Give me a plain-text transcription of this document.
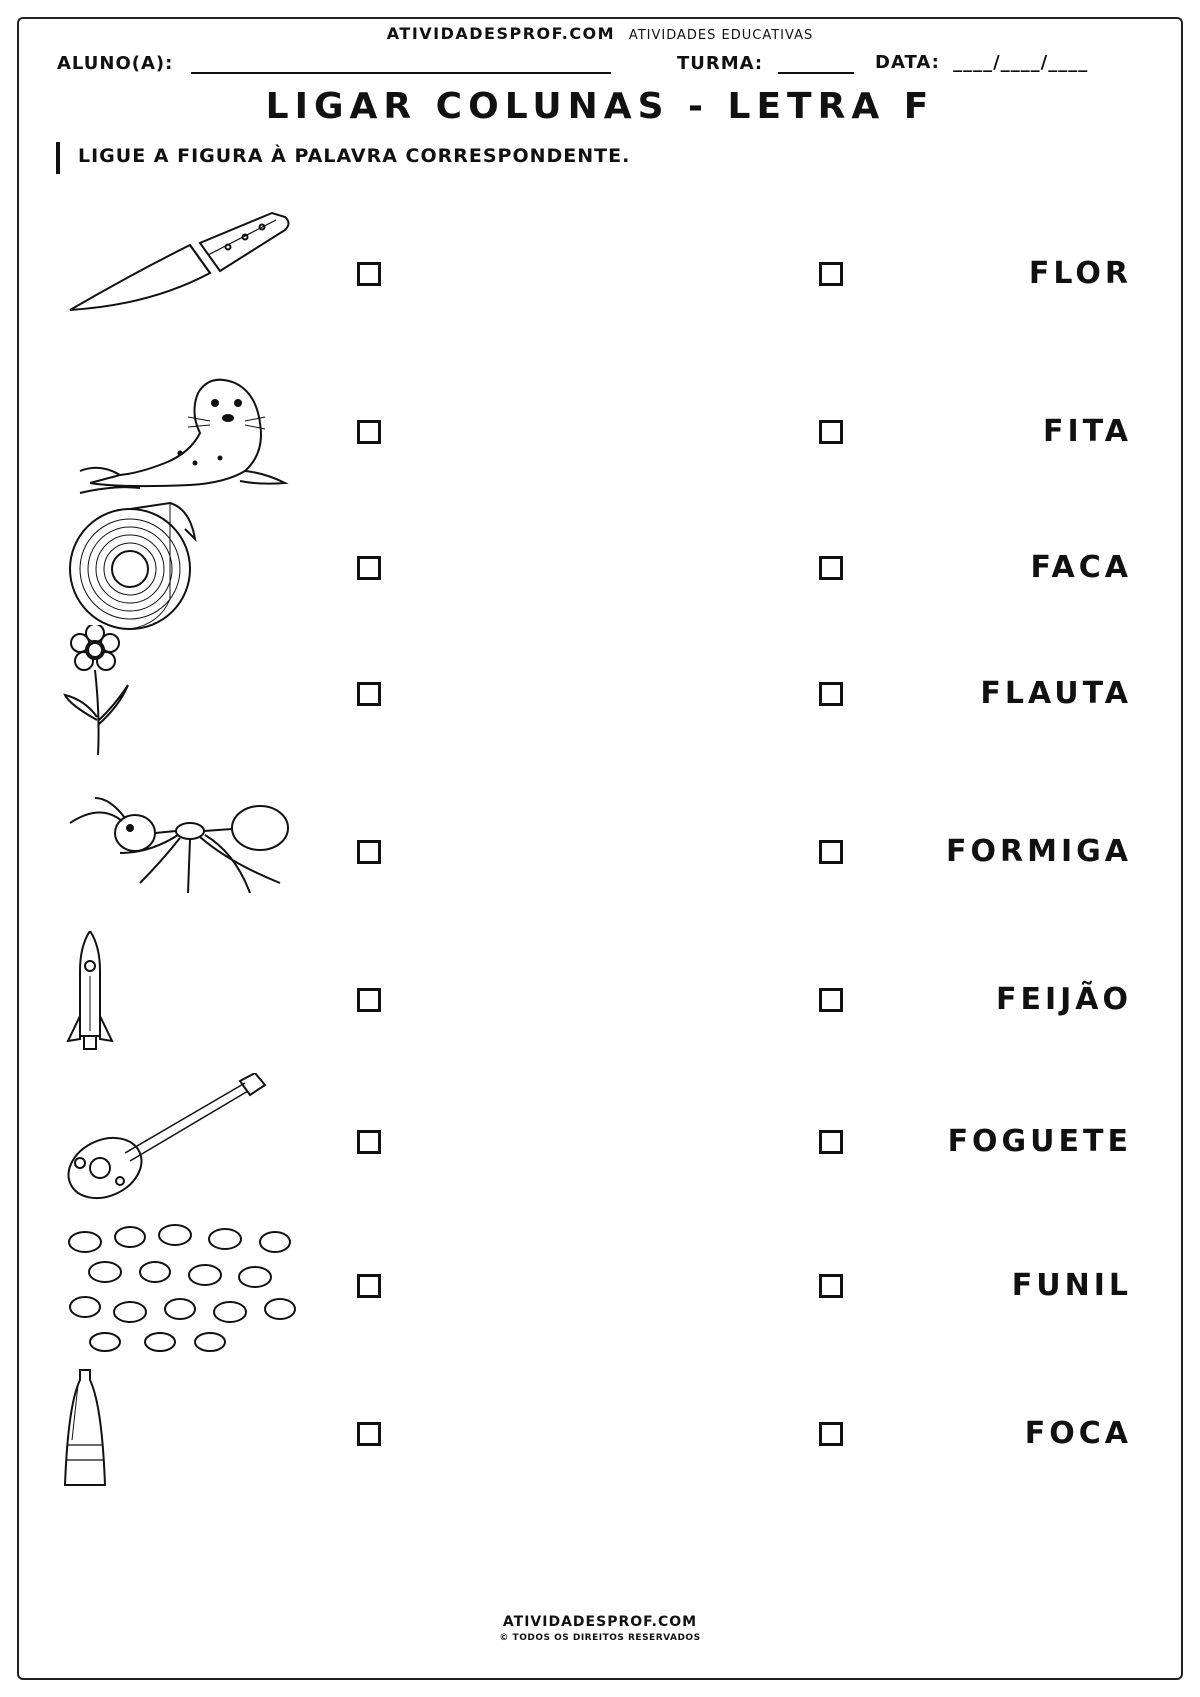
ATIVIDADESPROF.COM ATIVIDADES EDUCATIVAS
ALUNO(A):	TURMA:	DATA: ____/____/____
LIGAR COLUNAS - LETRA F
LIGUE A FIGURA À PALAVRA CORRESPONDENTE.
FLOR
FITA
FACA
FLAUTA
FORMIGA
FEIJÃO
FOGUETE
FUNIL
FOCA
ATIVIDADESPROF.COM
© TODOS OS DIREITOS RESERVADOS
